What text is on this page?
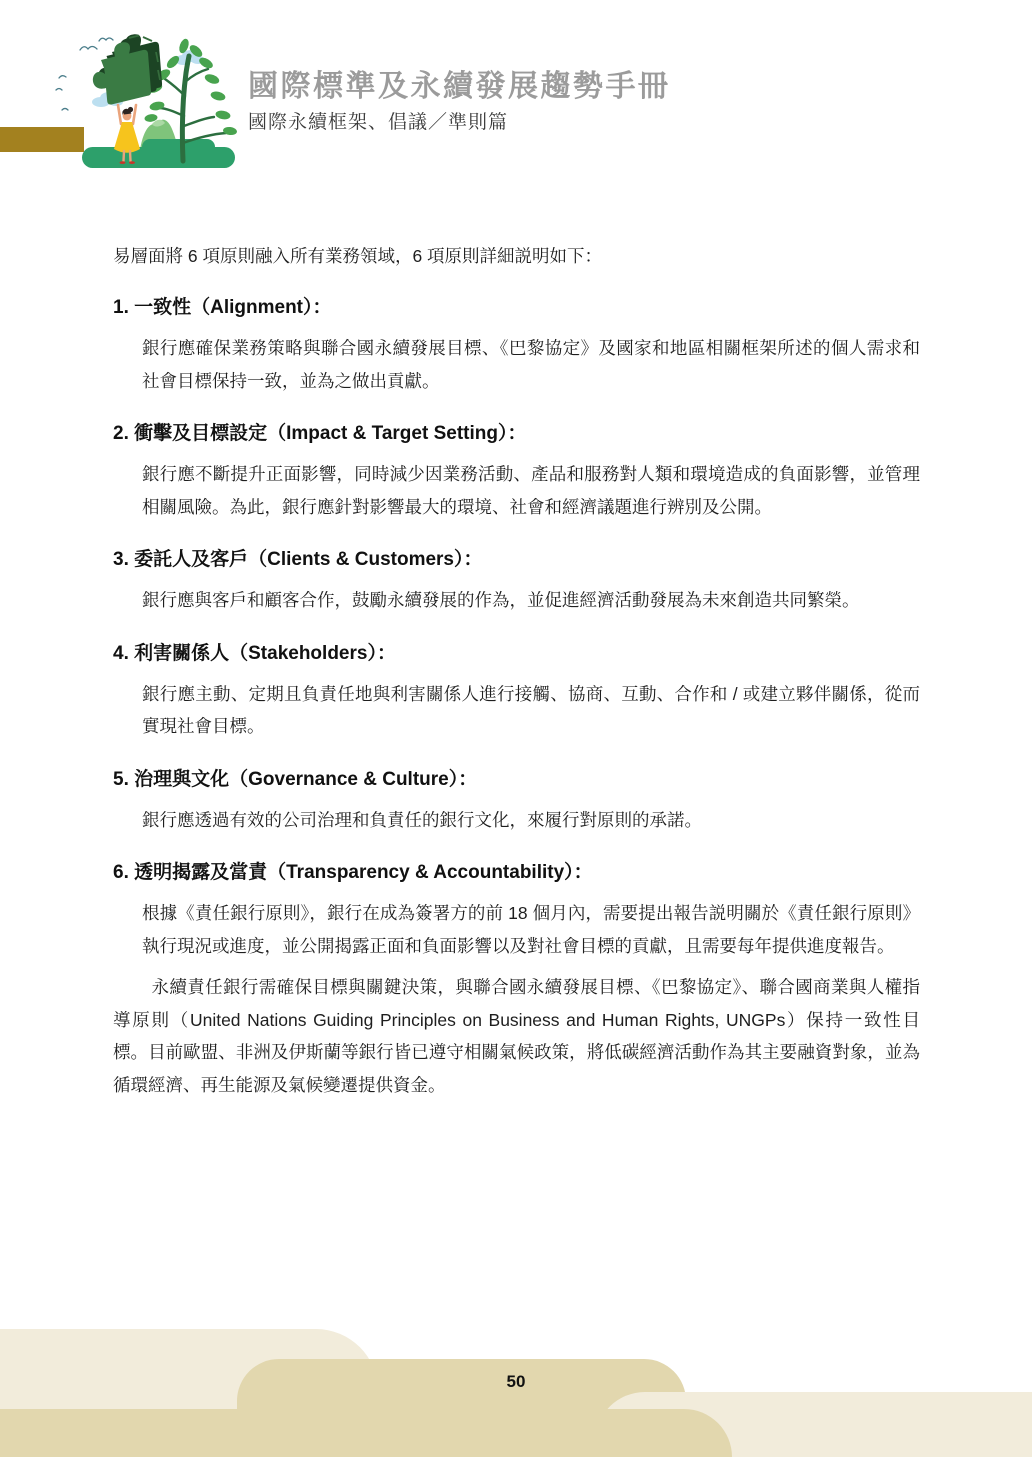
國際標準及永續發展趨勢手冊
國際永續框架、倡議／準則篇

易層面將 6 項原則融入所有業務領域，6 項原則詳細説明如下：

1. 一致性（Alignment）：

銀行應確保業務策略與聯合國永續發展目標、《巴黎協定》及國家和地區相關框架所述的個人需求和社會目標保持一致，並為之做出貢獻。

2. 衝擊及目標設定（Impact & Target Setting）：

銀行應不斷提升正面影響，同時減少因業務活動、產品和服務對人類和環境造成的負面影響，並管理相關風險。為此，銀行應針對影響最大的環境、社會和經濟議題進行辨別及公開。

3. 委託人及客戶（Clients & Customers）：

銀行應與客戶和顧客合作，鼓勵永續發展的作為，並促進經濟活動發展為未來創造共同繁榮。

4. 利害關係人（Stakeholders）：

銀行應主動、定期且負責任地與利害關係人進行接觸、協商、互動、合作和 / 或建立夥伴關係，從而實現社會目標。

5. 治理與文化（Governance & Culture）：

銀行應透過有效的公司治理和負責任的銀行文化，來履行對原則的承諾。

6. 透明揭露及當責（Transparency & Accountability）：

根據《責任銀行原則》，銀行在成為簽署方的前 18 個月內，需要提出報告説明關於《責任銀行原則》執行現況或進度，並公開揭露正面和負面影響以及對社會目標的貢獻，且需要每年提供進度報告。

永續責任銀行需確保目標與關鍵決策，與聯合國永續發展目標、《巴黎協定》、聯合國商業與人權指導原則（United Nations Guiding Principles on Business and Human Rights, UNGPs）保持一致性目標。目前歐盟、非洲及伊斯蘭等銀行皆已遵守相關氣候政策，將低碳經濟活動作為其主要融資對象，並為循環經濟、再生能源及氣候變遷提供資金。

50
